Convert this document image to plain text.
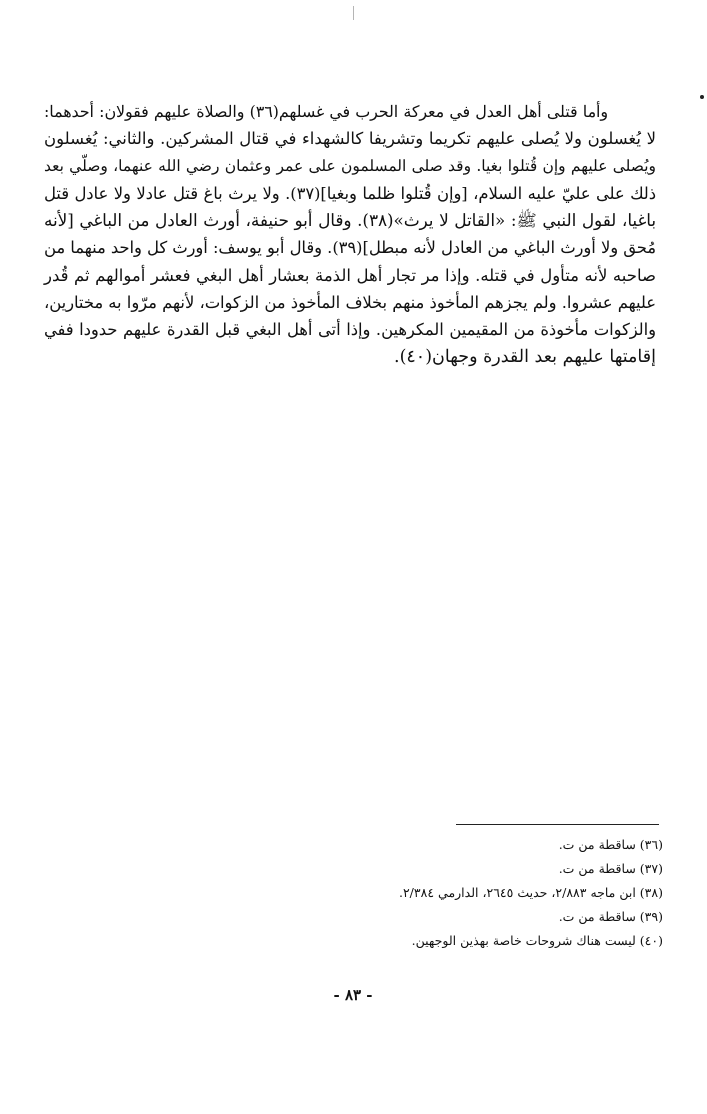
وأما قتلى أهل العدل في معركة الحرب في غسلهم(٣٦) والصلاة عليهم فقولان: أحدهما:
لا يُغسلون ولا يُصلى عليهم تكريما وتشريفا كالشهداء في قتال المشركين. والثاني: يُغسلون
ويُصلى عليهم وإن قُتلوا بغيا. وقد صلى المسلمون على عمر وعثمان رضي الله عنهما، وصلّي بعد
ذلك على عليّ عليه السلام، [وإن قُتلوا ظلما وبغيا](٣٧). ولا يرث باغ قتل عادلا ولا عادل قتل
باغيا، لقول النبي ﷺ: «القاتل لا يرث»(٣٨). وقال أبو حنيفة، أورث العادل من الباغي [لأنه
مُحق ولا أورث الباغي من العادل لأنه مبطل](٣٩). وقال أبو يوسف: أورث كل واحد منهما من
صاحبه لأنه متأول في قتله. وإذا مر تجار أهل الذمة بعشار أهل البغي فعشر أموالهم ثم قُدر
عليهم عشروا. ولم يجزهم المأخوذ منهم بخلاف المأخوذ من الزكوات، لأنهم مرّوا به مختارين،
والزكوات مأخوذة من المقيمين المكرهين. وإذا أتى أهل البغي قبل القدرة عليهم حدودا ففي
إقامتها عليهم بعد القدرة وجهان(٤٠).
(٣٦) ساقطة من ت.
(٣٧) ساقطة من ت.
(٣٨) ابن ماجه ٢/٨٨٣، حديث ٢٦٤٥، الدارمي ٢/٣٨٤.
(٣٩) ساقطة من ت.
(٤٠) ليست هناك شروحات خاصة بهذين الوجهين.
- ٨٣ -
